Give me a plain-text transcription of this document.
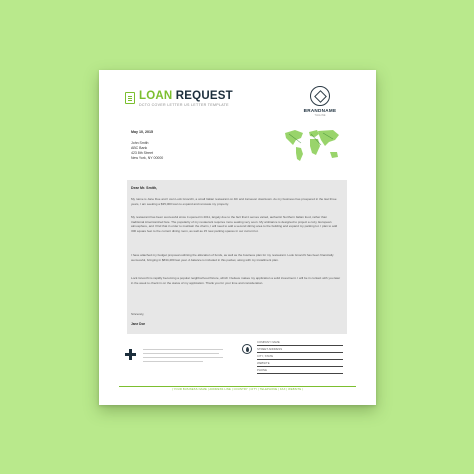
LOAN REQUEST
DCTO COVER LETTER US LETTER TEMPLATE
BRANDNAME
TAGLINE
May 10, 2015
John Smith
ABC Bank
423 8th Street
New York, NY 00000
Dear Mr. Smith,
My name is Jane Doe and I own Lock Gnocchi, a small Italian restaurant on 4th and Jameson downtown. As my business has prospered in the last three years, I am seeking a $35,000 loan to expand and renovate my property.
My restaurant has been successful since it opened in 2011, largely due to the fact that it serves varied, authentic Northern Italian food, rather than traditional Americanized fare. The popularity of my restaurant requires more seating very soon. My ambiance is designed to project a cozy, European atmosphere, and I find that in order to maintain the charm, I will need to add a second dining area to the building and expand my parking lot. I plan to add 300 square feet to the current dining room, as well as 15 new parking spaces in our current lot.
I have attached my budget proposal outlining the allocation of funds, as well as the business plan for my restaurant. Look Gnocchi has been financially successful, bringing in $834,280 last year. A balance is included in this packet, along with my installment plan.
Lock Gnocchi is rapidly becoming a popular neighborhood fixture, which I believe makes my application a solid investment. I will be in contact with you later in the week to check in on the status of my application. Thank you for your time and consideration.
Sincerely,
Jane Doe
COMPANY NAME
STREET ADDRESS
CITY, STATE
WEBSITE
PHONE
| YOUR BUSINESS NAME | ADDRESS LINE | COUNTRY | CITY | TELEPHONE | FAX | WEBSITE |
